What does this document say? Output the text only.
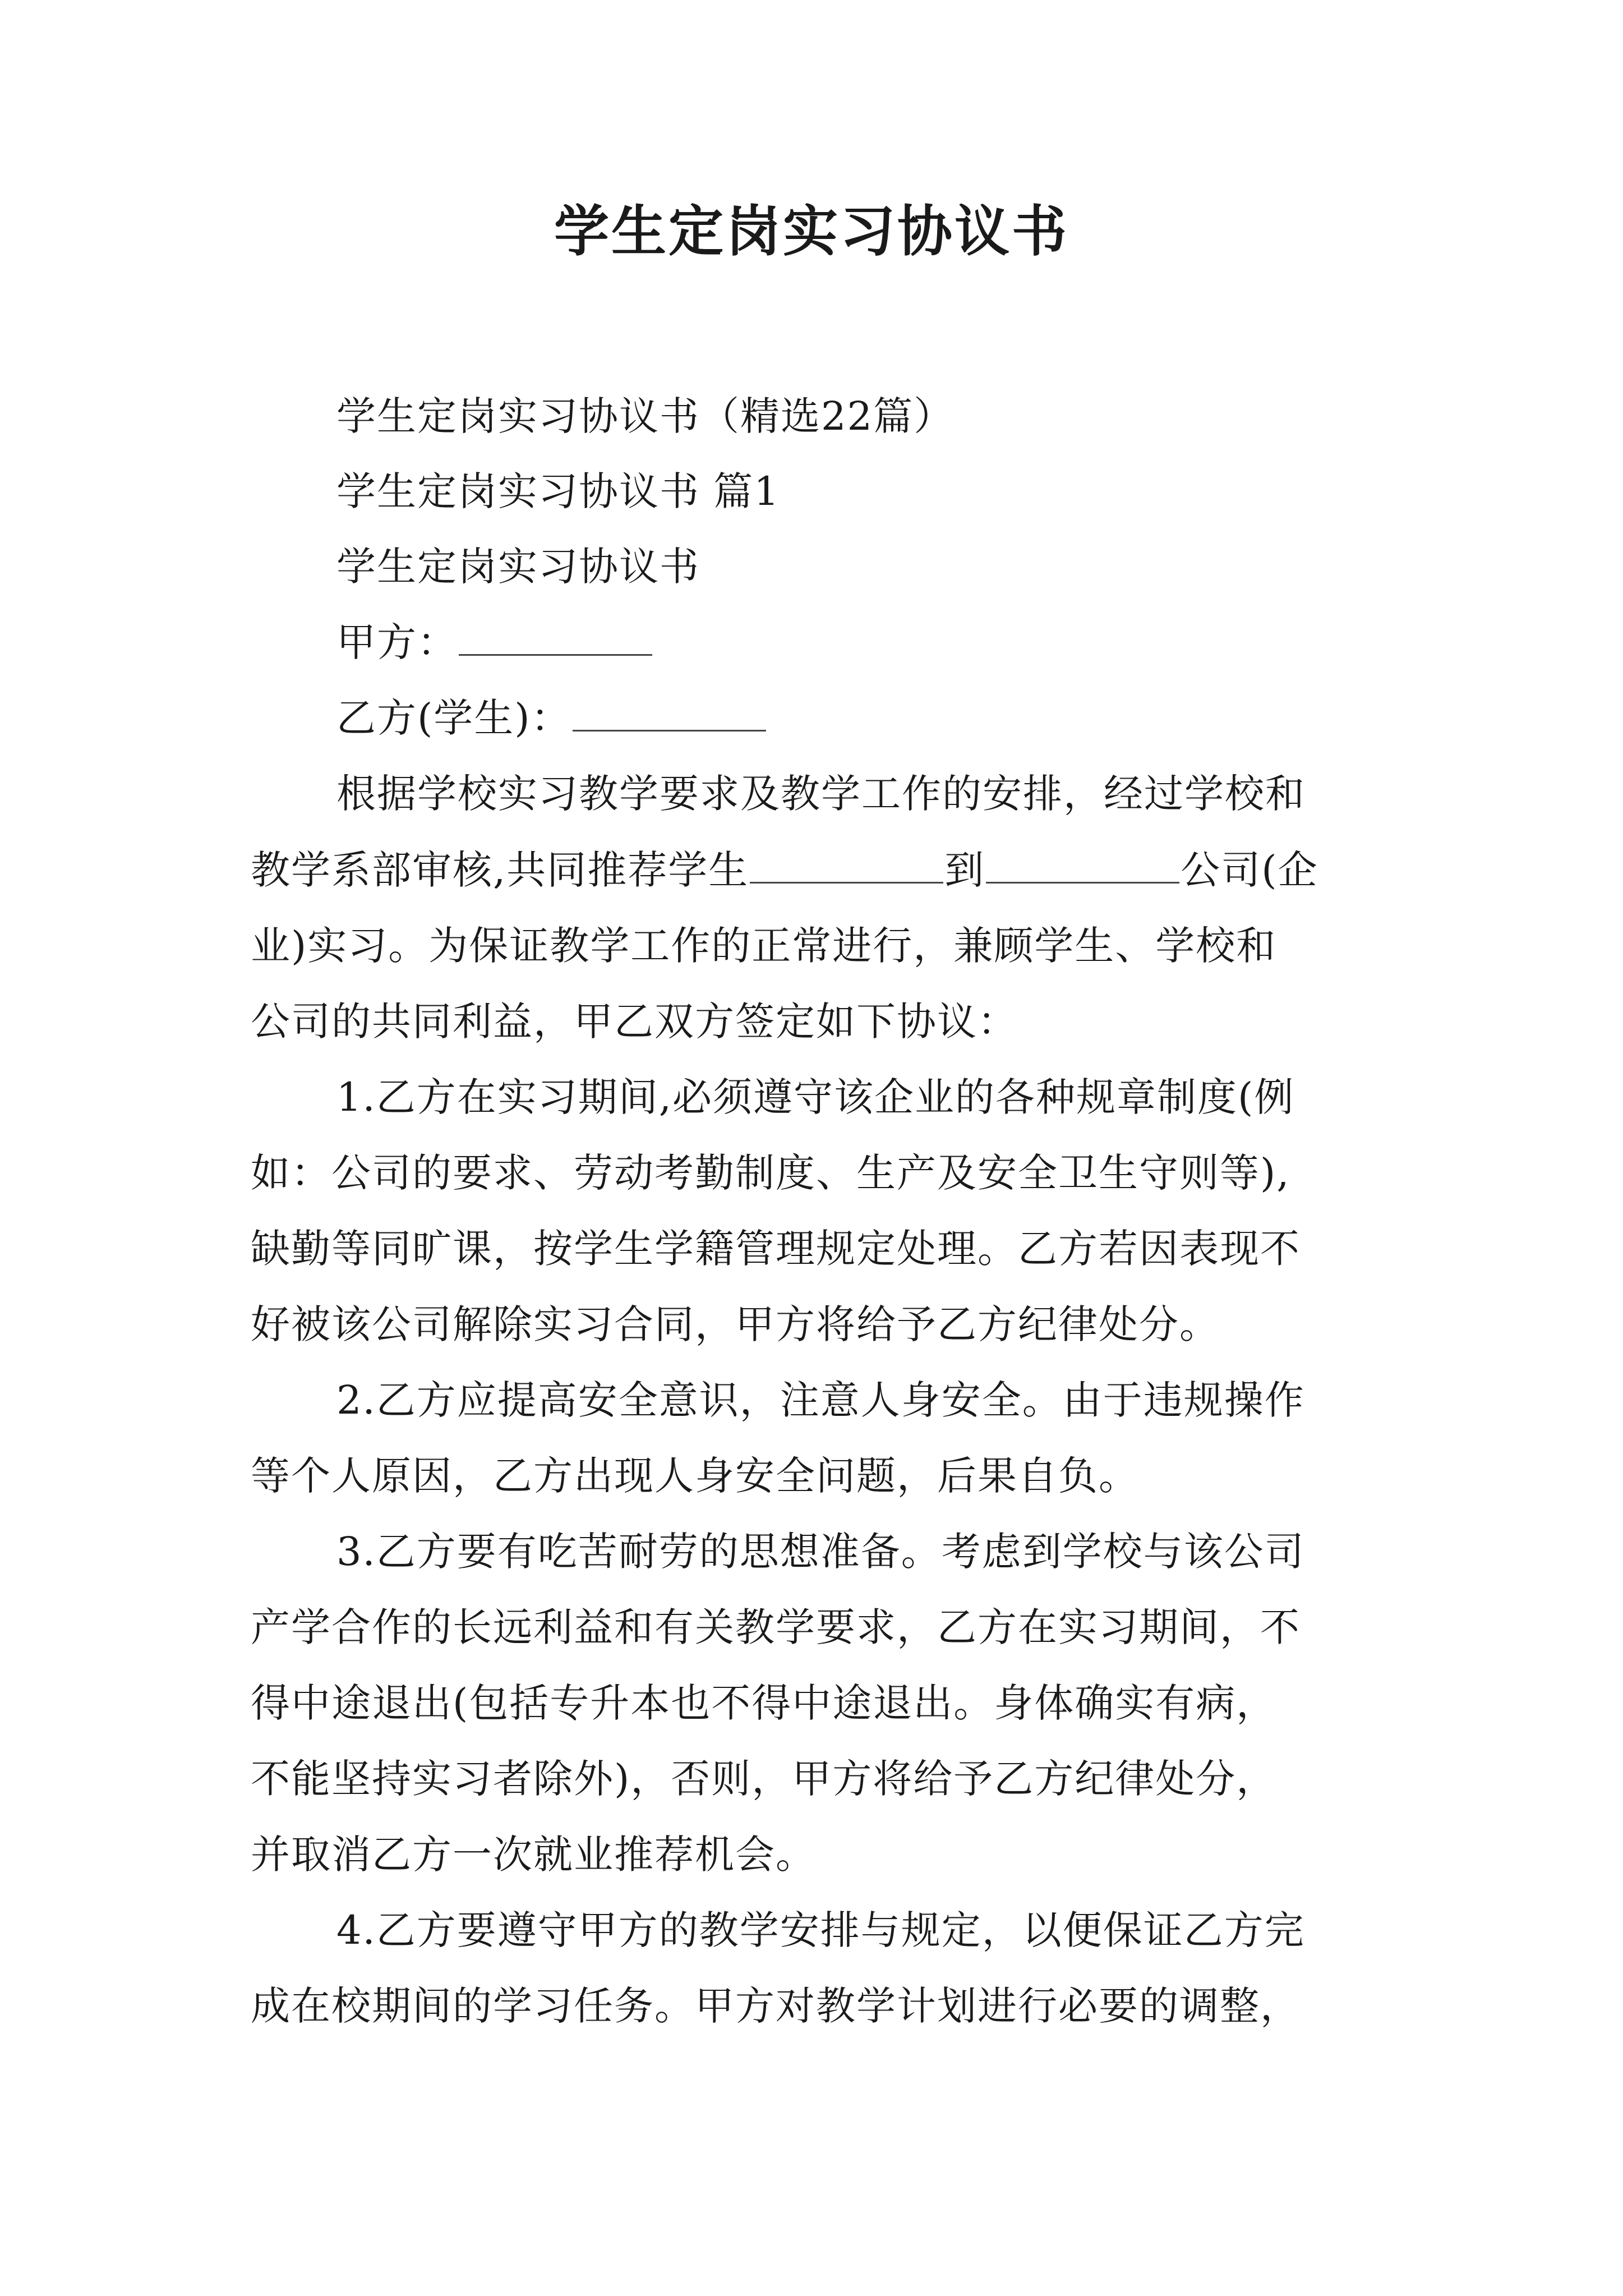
学生定岗实习协议书
学生定岗实习协议书（精选22篇）
学生定岗实习协议书 篇1
学生定岗实习协议书
甲方：
乙方(学生)：
根据学校实习教学要求及教学工作的安排，经过学校和
教学系部审核,共同推荐学生	到	公司(企
业)实习。为保证教学工作的正常进行，兼顾学生、学校和
公司的共同利益，甲乙双方签定如下协议：
1.乙方在实习期间,必须遵守该企业的各种规章制度(例
如：公司的要求、劳动考勤制度、生产及安全卫生守则等),
缺勤等同旷课，按学生学籍管理规定处理。乙方若因表现不
好被该公司解除实习合同，甲方将给予乙方纪律处分。
2.乙方应提高安全意识，注意人身安全。由于违规操作
等个人原因，乙方出现人身安全问题，后果自负。
3.乙方要有吃苦耐劳的思想准备。考虑到学校与该公司
产学合作的长远利益和有关教学要求，乙方在实习期间，不
得中途退出(包括专升本也不得中途退出。身体确实有病，
不能坚持实习者除外)，否则，甲方将给予乙方纪律处分，
并取消乙方一次就业推荐机会。
4.乙方要遵守甲方的教学安排与规定，以便保证乙方完
成在校期间的学习任务。甲方对教学计划进行必要的调整，
